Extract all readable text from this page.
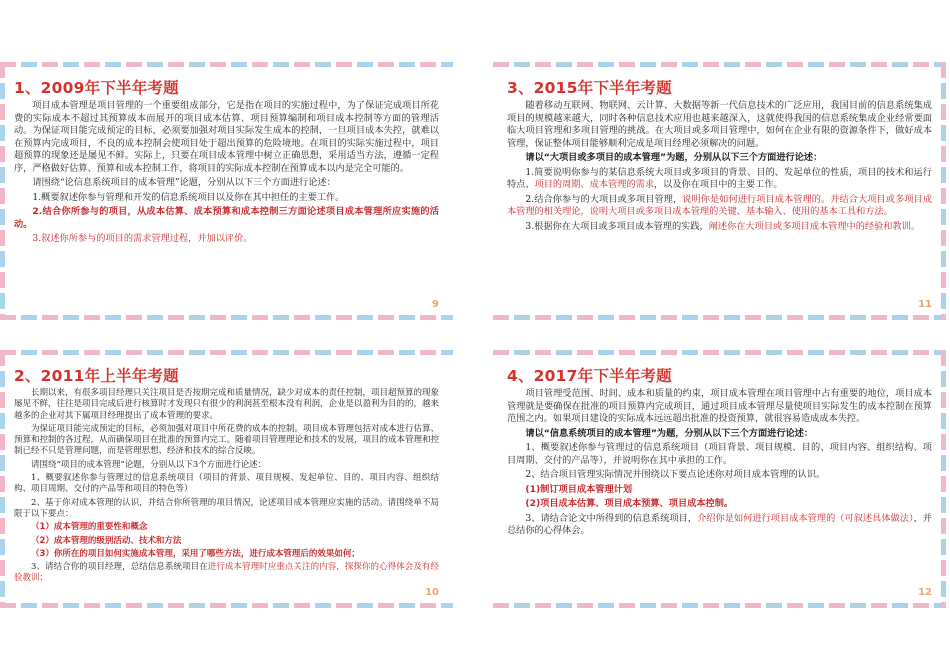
1、2009年下半年考题

项目成本管理是项目管理的一个重要组成部分，它是指在项目的实施过程中，为了保证完成项目所花费的实际成本不超过其预算成本而展开的项目成本估算、项目预算编制和项目成本控制等方面的管理活动。为保证项目能完成预定的目标，必须要加强对项目实际发生成本的控制，一旦项目成本失控，就难以在预算内完成项目，不良的成本控制会使项目处于超出预算的危险境地。在项目的实际实施过程中，项目超预算的现象还是屡见不鲜。实际上，只要在项目成本管理中树立正确思想，采用适当方法，遵循一定程序，严格做好估算、预算和成本控制工作，将项目的实际成本控制在预算成本以内是完全可能的。

请围绕“论信息系统项目的成本管理”论题，分别从以下三个方面进行论述：

1.概要叙述你参与管理和开发的信息系统项目以及你在其中担任的主要工作。

2.结合你所参与的项目，从成本估算、成本预算和成本控制三方面论述项目成本管理所应实施的活动。

3.叙述你所参与的项目的需求管理过程，并加以评价。

9
3、2015年下半年考题

随着移动互联网、物联网、云计算、大数据等新一代信息技术的广泛应用，我国目前的信息系统集成项目的规模越来越大，同时各种信息技术应用也越来越深入，这就使得我国的信息系统集成企业经常要面临大项目管理和多项目管理的挑战。在大项目或多项目管理中，如何在企业有限的资源条件下，做好成本管理，保证整体项目能够顺利完成是项目经理必须解决的问题。

请以“大项目或多项目的成本管理”为题，分别从以下三个方面进行论述：

1.简要说明你参与的某信息系统大项目或多项目的背景、目的、发起单位的性质，项目的技术和运行特点、项目的周期、成本管理的需求，以及你在项目中的主要工作。

2.结合你参与的大项目或多项目管理，说明你是如何进行项目成本管理的。并结合大项目或多项目成本管理的相关理论，说明大项目或多项目成本管理的关键、基本输入、使用的基本工具和方法。

3.根据你在大项目或多项目成本管理的实践，阐述你在大项目或多项目成本管理中的经验和教训。

11
2、2011年上半年考题

长期以来，有很多项目经理只关注项目是否按期完成和质量情况，缺少对成本的责任控制，项目超预算的现象屡见不鲜，往往是项目完成后进行核算时才发现只有很少的利润甚至根本没有利润，企业是以盈利为目的的，越来越多的企业对其下属项目经理提出了成本管理的要求。

为保证项目能完成预定的目标，必须加强对项目中所花费的成本的控制。项目成本管理包括对成本进行估算、预算和控制的各过程，从而确保项目在批准的预算内完工。随着项目管理理论和技术的发展，项目的成本管理和控制已经不只是管理问题，而是管理思想、经济和技术的综合反映。

请围绕“项目的成本管理”论题，分别从以下3个方面进行论述：

1、概要叙述你参与管理过的信息系统项目（项目的背景、项目规模、发起单位、目的、项目内容、组织结构、项目周期、交付的产品等和项目的特色等）

2、基于你对成本管理的认识，并结合你所管理的项目情况，论述项目成本管理应实施的活动。请围绕单不局限于以下要点：

（1）成本管理的重要性和概念

（2）成本管理的级别活动、技术和方法

（3）你所在的项目如何实施成本管理，采用了哪些方法，进行成本管理后的效果如何；

3、请结合你的项目经理，总结信息系统项目在进行成本管理时应重点关注的内容，探探你的心得体会及有经验教训；

10
4、2017年下半年考题

项目管理受范围、时间、成本和质量的约束，项目成本管理在项目管理中占有重要的地位，项目成本管理就是要确保在批准的项目预算内完成项目，通过项目成本管理尽量使项目实际发生的成本控制在预算范围之内。如果项目建设的实际成本远远超出批准的投资预算，就很容易造成成本失控。

请以“信息系统项目的成本管理”为题，分别从以下三个方面进行论述：

1、概要叙述你参与管理过的信息系统项目（项目背景、项目规模、目的、项目内容、组织结构、项目周期、交付的产品等），并说明你在其中承担的工作。

2、结合项目管理实际情况并围绕以下要点论述你对项目成本管理的认识。

(1)制订项目成本管理计划

(2)项目成本估算、项目成本预算、项目成本控制。

3、请结合论文中所得到的信息系统项目，介绍你是如何进行项目成本管理的（可叙述具体做法），并总结你的心得体会。

12
